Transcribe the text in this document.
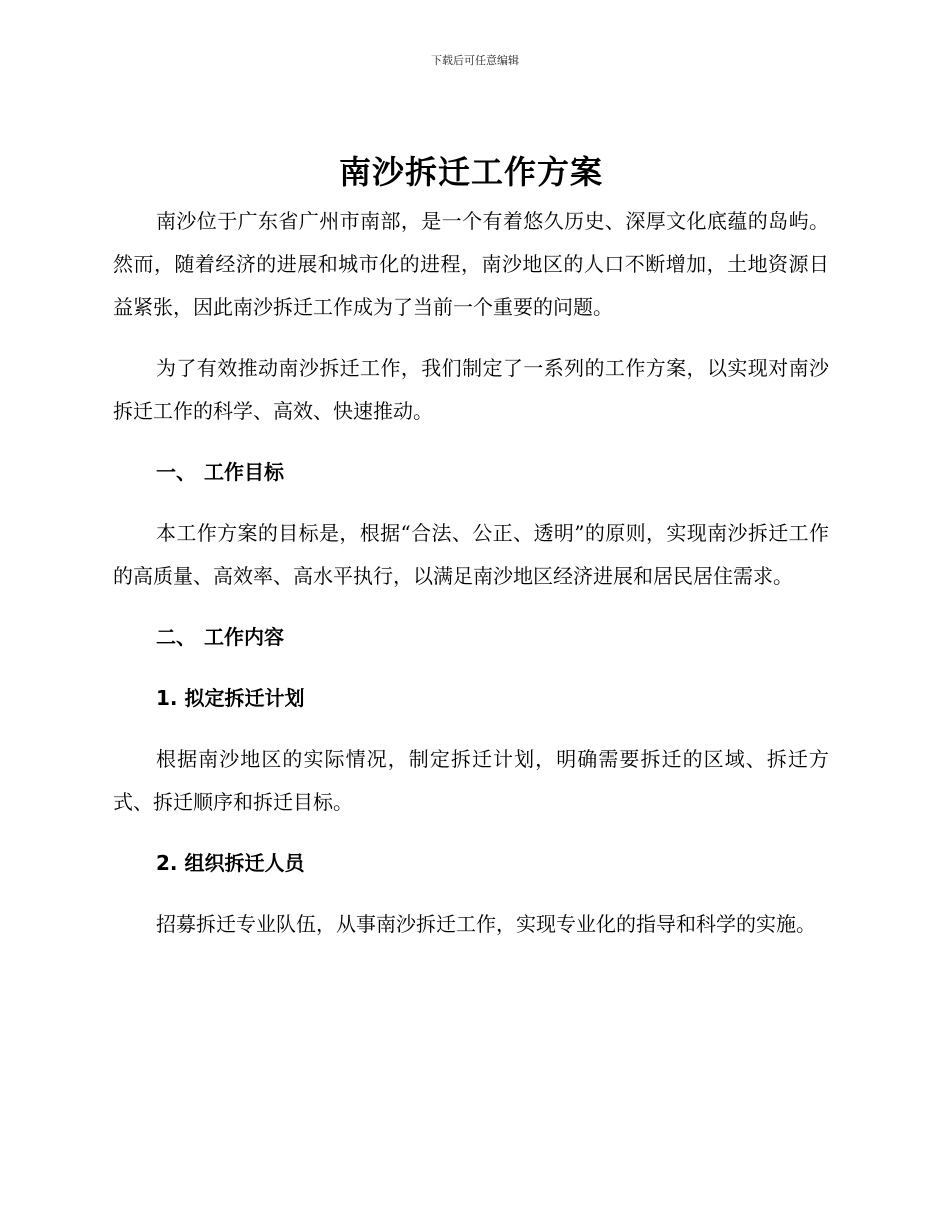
下载后可任意编辑
南沙拆迁工作方案

南沙位于广东省广州市南部，是一个有着悠久历史、深厚文化底蕴的岛屿。然而，随着经济的进展和城市化的进程，南沙地区的人口不断增加，土地资源日益紧张，因此南沙拆迁工作成为了当前一个重要的问题。

为了有效推动南沙拆迁工作，我们制定了一系列的工作方案，以实现对南沙拆迁工作的科学、高效、快速推动。

一、 工作目标

本工作方案的目标是，根据“合法、公正、透明”的原则，实现南沙拆迁工作的高质量、高效率、高水平执行，以满足南沙地区经济进展和居民居住需求。

二、 工作内容
1. 拟定拆迁计划

根据南沙地区的实际情况，制定拆迁计划，明确需要拆迁的区域、拆迁方式、拆迁顺序和拆迁目标。

2. 组织拆迁人员

招募拆迁专业队伍，从事南沙拆迁工作，实现专业化的指导和科学的实施。
